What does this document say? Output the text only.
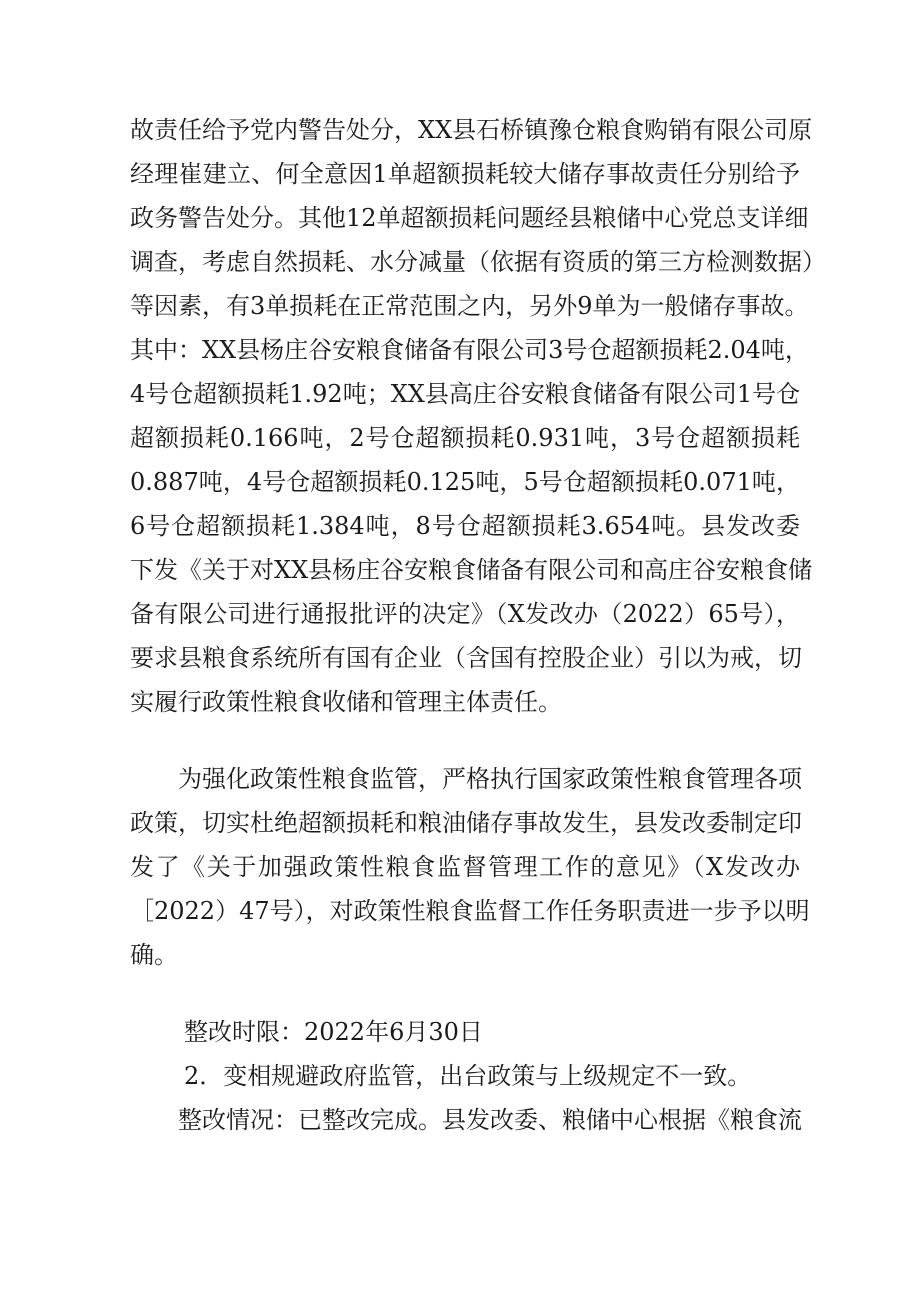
故责任给予党内警告处分，XX县石桥镇豫仓粮食购销有限公司原
经理崔建立、何全意因1单超额损耗较大储存事故责任分别给予
政务警告处分。其他12单超额损耗问题经县粮储中心党总支详细
调查，考虑自然损耗、水分减量（依据有资质的第三方检测数据）
等因素，有3单损耗在正常范围之内，另外9单为一般储存事故。
其中：XX县杨庄谷安粮食储备有限公司3号仓超额损耗2.04吨，
4号仓超额损耗1.92吨；XX县高庄谷安粮食储备有限公司1号仓
超额损耗0.166吨，2号仓超额损耗0.931吨，3号仓超额损耗
0.887吨，4号仓超额损耗0.125吨，5号仓超额损耗0.071吨，
6号仓超额损耗1.384吨，8号仓超额损耗3.654吨。县发改委
下发《关于对XX县杨庄谷安粮食储备有限公司和高庄谷安粮食储
备有限公司进行通报批评的决定》（X发改办（2022）65号），
要求县粮食系统所有国有企业（含国有控股企业）引以为戒，切
实履行政策性粮食收储和管理主体责任。
为强化政策性粮食监管，严格执行国家政策性粮食管理各项
政策，切实杜绝超额损耗和粮油储存事故发生，县发改委制定印
发了《关于加强政策性粮食监督管理工作的意见》（X发改办
［2022）47号），对政策性粮食监督工作任务职责进一步予以明
确。
整改时限：2022年6月30日
2．变相规避政府监管，出台政策与上级规定不一致。
整改情况：已整改完成。县发改委、粮储中心根据《粮食流
